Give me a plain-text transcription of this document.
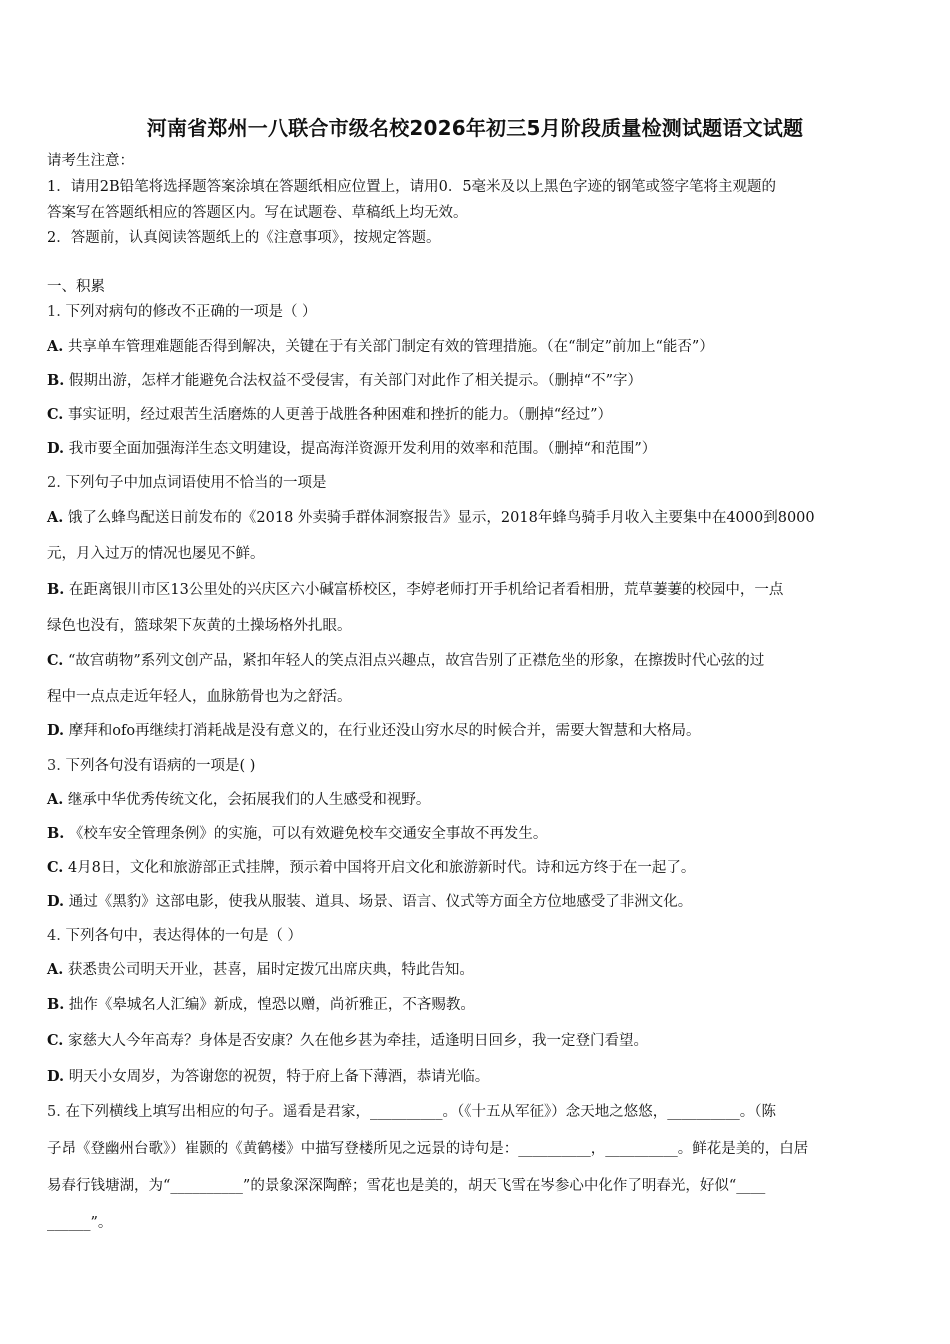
河南省郑州一八联合市级名校2026年初三5月阶段质量检测试题语文试题
请考生注意：
1．请用2B铅笔将选择题答案涂填在答题纸相应位置上，请用0．5毫米及以上黑色字迹的钢笔或签字笔将主观题的
答案写在答题纸相应的答题区内。写在试题卷、草稿纸上均无效。
2．答题前，认真阅读答题纸上的《注意事项》，按规定答题。
一、积累
1. 下列对病句的修改不正确的一项是（ ）
A. 共享单车管理难题能否得到解决，关键在于有关部门制定有效的管理措施。（在“制定”前加上“能否”）
B. 假期出游，怎样才能避免合法权益不受侵害，有关部门对此作了相关提示。（删掉“不”字）
C. 事实证明，经过艰苦生活磨炼的人更善于战胜各种困难和挫折的能力。（删掉“经过”）
D. 我市要全面加强海洋生态文明建设，提高海洋资源开发利用的效率和范围。（删掉“和范围”）
2. 下列句子中加点词语使用不恰当的一项是
A. 饿了么蜂鸟配送日前发布的《2018 外卖骑手群体洞察报告》显示，2018年蜂鸟骑手月收入主要集中在4000到8000
元，月入过万的情况也屡见不鲜。
B. 在距离银川市区13公里处的兴庆区六小碱富桥校区，李婷老师打开手机给记者看相册，荒草萋萋的校园中，一点
绿色也没有，篮球架下灰黄的土操场格外扎眼。
C. “故宫萌物”系列文创产品，紧扣年轻人的笑点泪点兴趣点，故宫告别了正襟危坐的形象，在擦拨时代心弦的过
程中一点点走近年轻人，血脉筋骨也为之舒活。
D. 摩拜和ofo再继续打消耗战是没有意义的，在行业还没山穷水尽的时候合并，需要大智慧和大格局。
3. 下列各句没有语病的一项是( )
A. 继承中华优秀传统文化，会拓展我们的人生感受和视野。
B. 《校车安全管理条例》的实施，可以有效避免校车交通安全事故不再发生。
C. 4月8日，文化和旅游部正式挂牌，预示着中国将开启文化和旅游新时代。诗和远方终于在一起了。
D. 通过《黑豹》这部电影，使我从服装、道具、场景、语言、仪式等方面全方位地感受了非洲文化。
4. 下列各句中，表达得体的一句是（ ）
A. 获悉贵公司明天开业，甚喜，届时定拨冗出席庆典，特此告知。
B. 拙作《皋城名人汇编》新成，惶恐以赠，尚祈雅正，不吝赐教。
C. 家慈大人今年高寿？身体是否安康？久在他乡甚为牵挂，适逢明日回乡，我一定登门看望。
D. 明天小女周岁，为答谢您的祝贺，特于府上备下薄酒，恭请光临。
5. 在下列横线上填写出相应的句子。遥看是君家，__________。（《十五从军征》）念天地之悠悠，__________。（陈
子昂《登幽州台歌》）崔颢的《黄鹤楼》中描写登楼所见之远景的诗句是：__________，__________。鲜花是美的，白居
易春行钱塘湖，为“__________”的景象深深陶醉；雪花也是美的，胡天飞雪在岑参心中化作了明春光，好似“____
______”。
